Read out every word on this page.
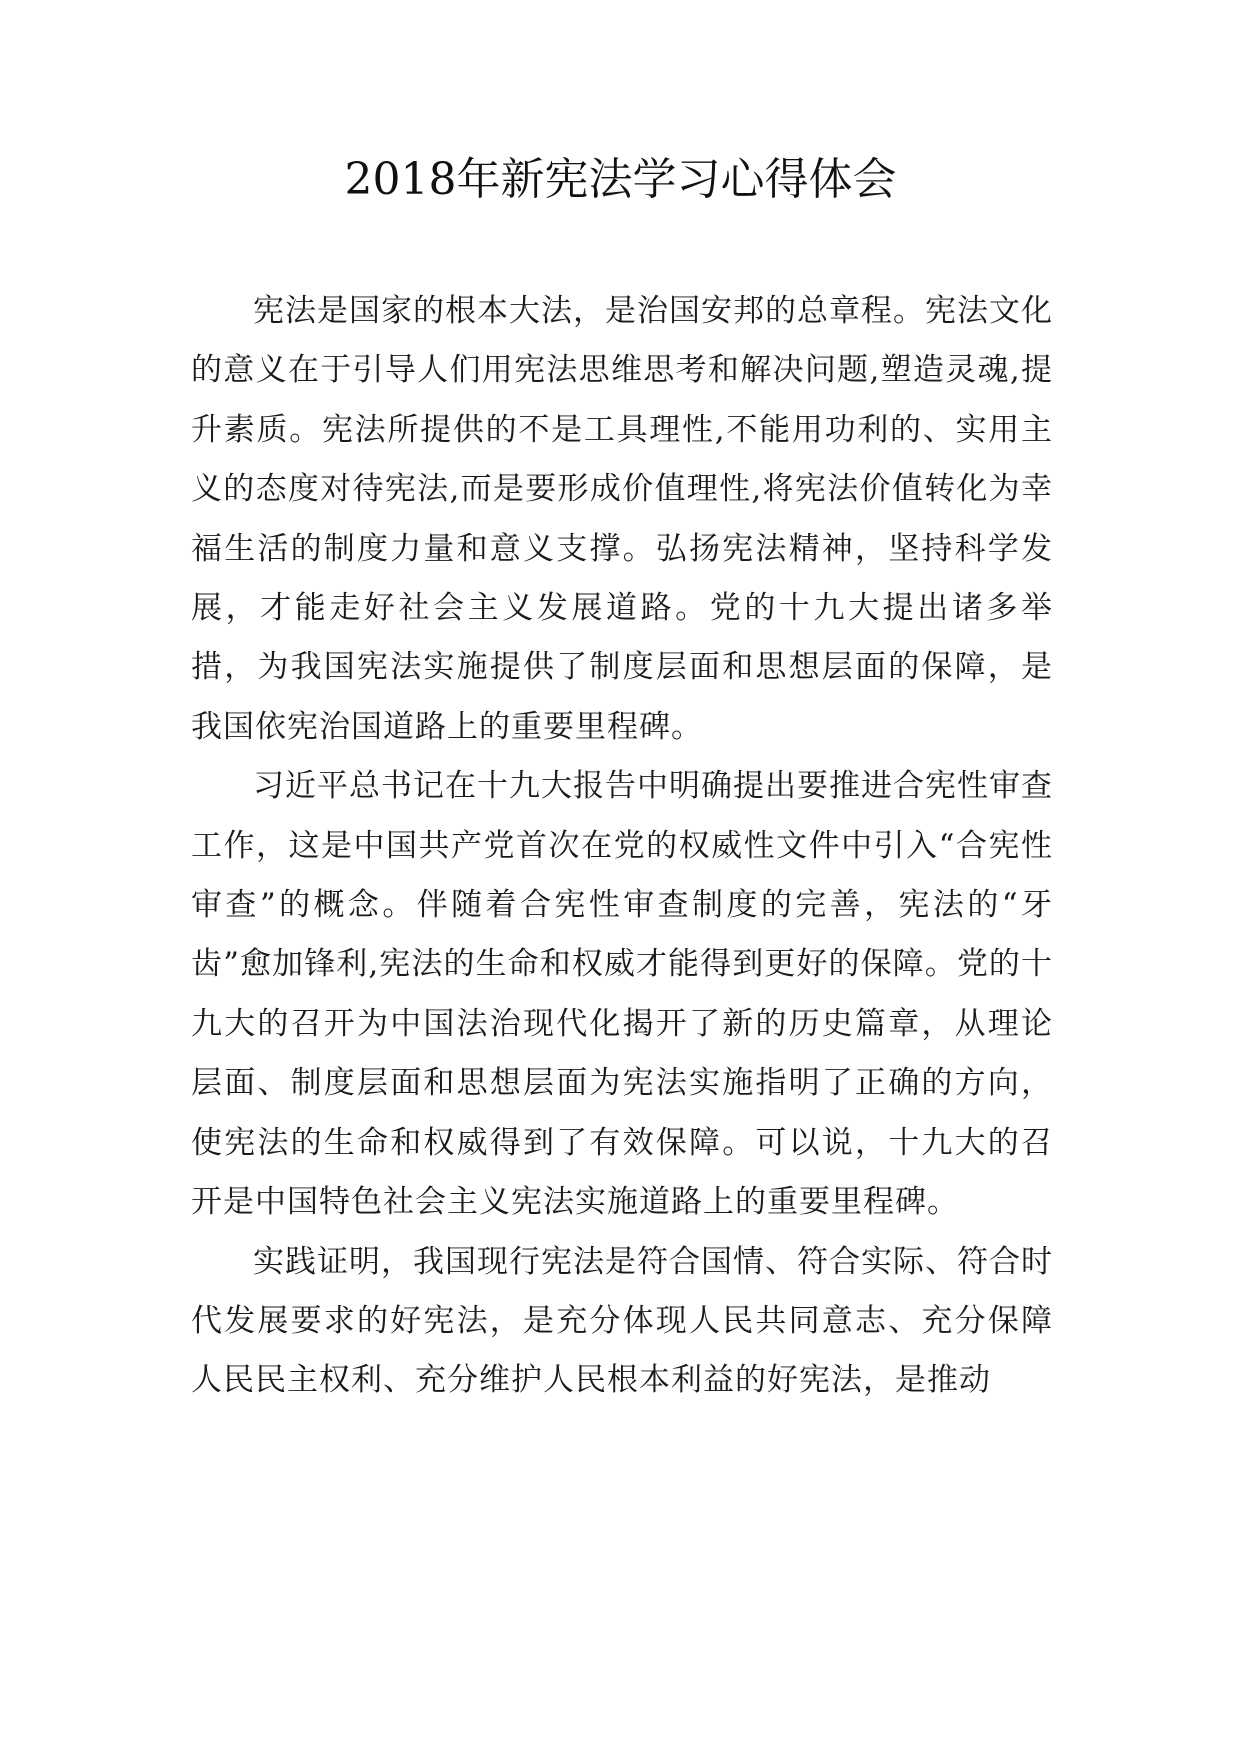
2018年新宪法学习心得体会

宪法是国家的根本大法，是治国安邦的总章程。宪法文化的意义在于引导人们用宪法思维思考和解决问题,塑造灵魂,提升素质。宪法所提供的不是工具理性,不能用功利的、实用主义的态度对待宪法,而是要形成价值理性,将宪法价值转化为幸福生活的制度力量和意义支撑。弘扬宪法精神，坚持科学发展，才能走好社会主义发展道路。党的十九大提出诸多举措，为我国宪法实施提供了制度层面和思想层面的保障，是我国依宪治国道路上的重要里程碑。

习近平总书记在十九大报告中明确提出要推进合宪性审查工作，这是中国共产党首次在党的权威性文件中引入“合宪性审查”的概念。伴随着合宪性审查制度的完善，宪法的“牙齿”愈加锋利,宪法的生命和权威才能得到更好的保障。党的十九大的召开为中国法治现代化揭开了新的历史篇章，从理论层面、制度层面和思想层面为宪法实施指明了正确的方向，使宪法的生命和权威得到了有效保障。可以说，十九大的召开是中国特色社会主义宪法实施道路上的重要里程碑。

实践证明，我国现行宪法是符合国情、符合实际、符合时代发展要求的好宪法，是充分体现人民共同意志、充分保障人民民主权利、充分维护人民根本利益的好宪法，是推动
